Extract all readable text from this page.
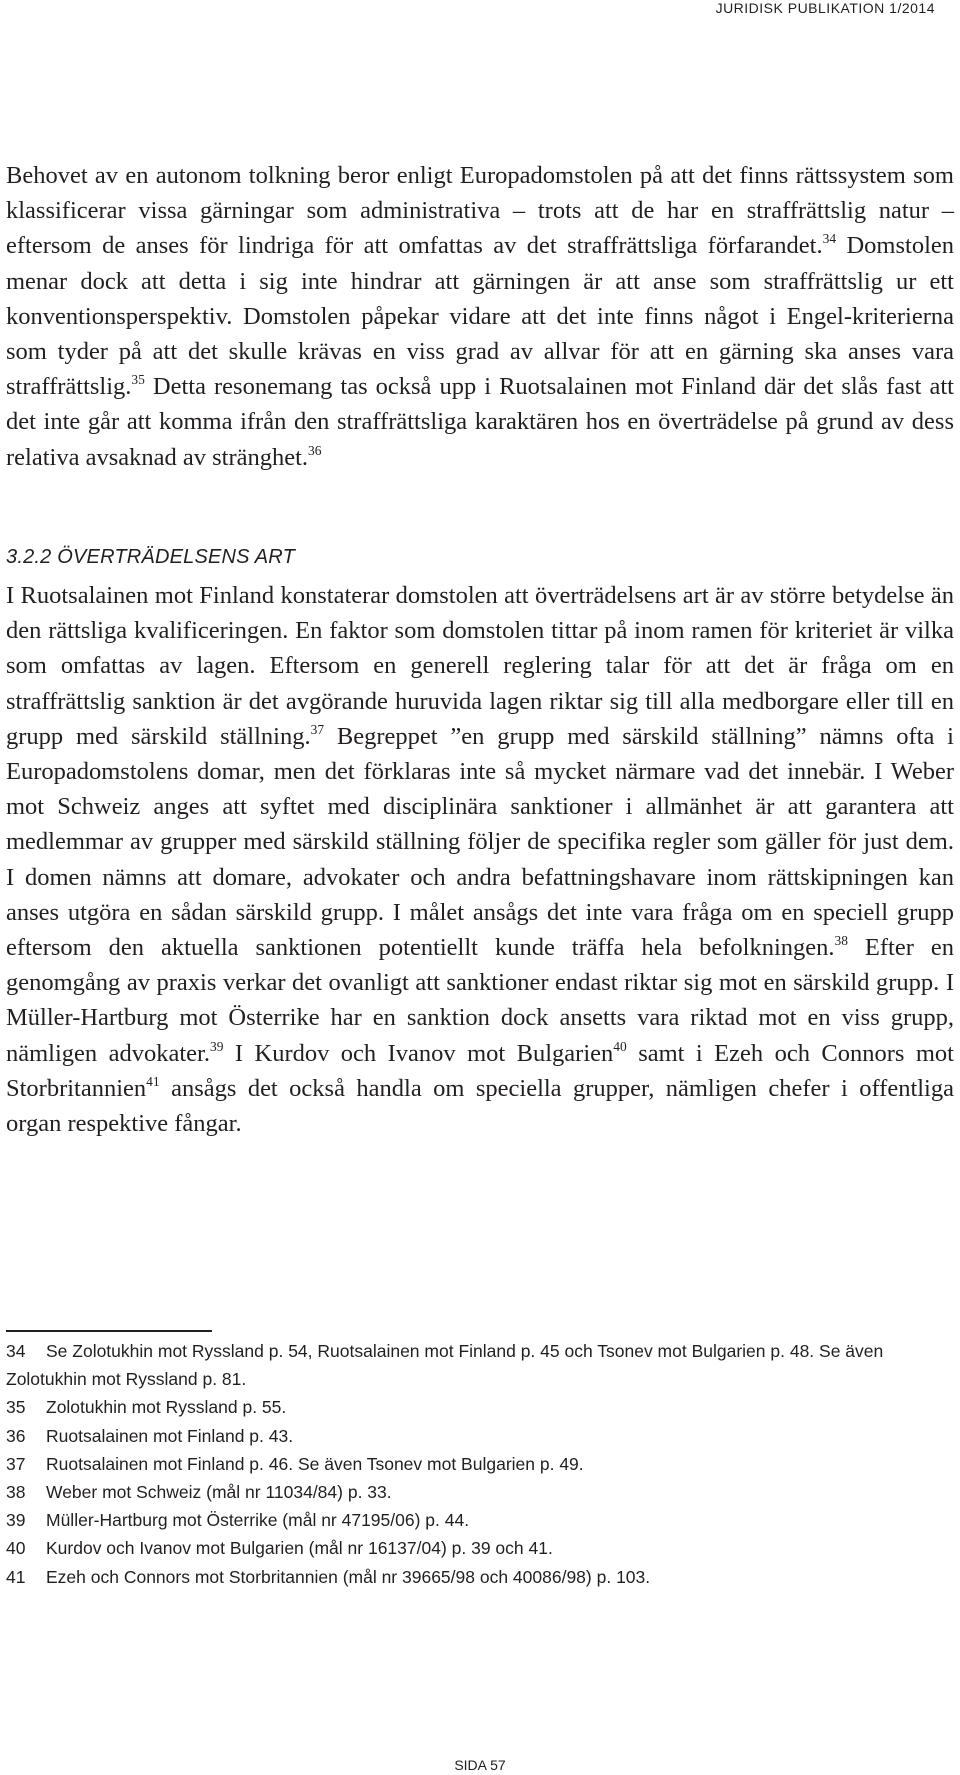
JURIDISK PUBLIKATION 1/2014

Behovet av en autonom tolkning beror enligt Europadomstolen på att det finns rättssystem som klassificerar vissa gärningar som administrativa – trots att de har en straffrättslig natur – eftersom de anses för lindriga för att omfattas av det straffrättsliga förfarandet.$^{34}$ Domstolen menar dock att detta i sig inte hindrar att gärningen är att anse som straffrättslig ur ett konventionsperspektiv. Domstolen påpekar vidare att det inte finns något i Engel-kriterierna som tyder på att det skulle krävas en viss grad av allvar för att en gärning ska anses vara straffrättslig.$^{35}$ Detta resonemang tas också upp i Ruotsalainen mot Finland där det slås fast att det inte går att komma ifrån den straffrättsliga karaktären hos en överträdelse på grund av dess relativa avsaknad av stränghet.$^{36}$

3.2.2 ÖVERTRÄDELSENS ART

I Ruotsalainen mot Finland konstaterar domstolen att överträdelsens art är av större betydelse än den rättsliga kvalificeringen. En faktor som domstolen tittar på inom ramen för kriteriet är vilka som omfattas av lagen. Eftersom en generell reglering talar för att det är fråga om en straffrättslig sanktion är det avgörande huruvida lagen riktar sig till alla medborgare eller till en grupp med särskild ställning.$^{37}$ Begreppet ”en grupp med särskild ställning” nämns ofta i Europadomstolens domar, men det förklaras inte så mycket närmare vad det innebär. I Weber mot Schweiz anges att syftet med disciplinära sanktioner i allmänhet är att garantera att medlemmar av grupper med särskild ställning följer de specifika regler som gäller för just dem. I domen nämns att domare, advokater och andra befattningshavare inom rättskipningen kan anses utgöra en sådan särskild grupp. I målet ansågs det inte vara fråga om en speciell grupp eftersom den aktuella sanktionen potentiellt kunde träffa hela befolkningen.$^{38}$ Efter en genomgång av praxis verkar det ovanligt att sanktioner endast riktar sig mot en särskild grupp. I Müller-Hartburg mot Österrike har en sanktion dock ansetts vara riktad mot en viss grupp, nämligen advokater.$^{39}$ I Kurdov och Ivanov mot Bulgarien$^{40}$ samt i Ezeh och Connors mot Storbritannien$^{41}$ ansågs det också handla om speciella grupper, nämligen chefer i offentliga organ respektive fångar.

34 Se Zolotukhin mot Ryssland p. 54, Ruotsalainen mot Finland p. 45 och Tsonev mot Bulgarien p. 48. Se även Zolotukhin mot Ryssland p. 81.
35 Zolotukhin mot Ryssland p. 55.
36 Ruotsalainen mot Finland p. 43.
37 Ruotsalainen mot Finland p. 46. Se även Tsonev mot Bulgarien p. 49.
38 Weber mot Schweiz (mål nr 11034/84) p. 33.
39 Müller-Hartburg mot Österrike (mål nr 47195/06) p. 44.
40 Kurdov och Ivanov mot Bulgarien (mål nr 16137/04) p. 39 och 41.
41 Ezeh och Connors mot Storbritannien (mål nr 39665/98 och 40086/98) p. 103.
SIDA 57
